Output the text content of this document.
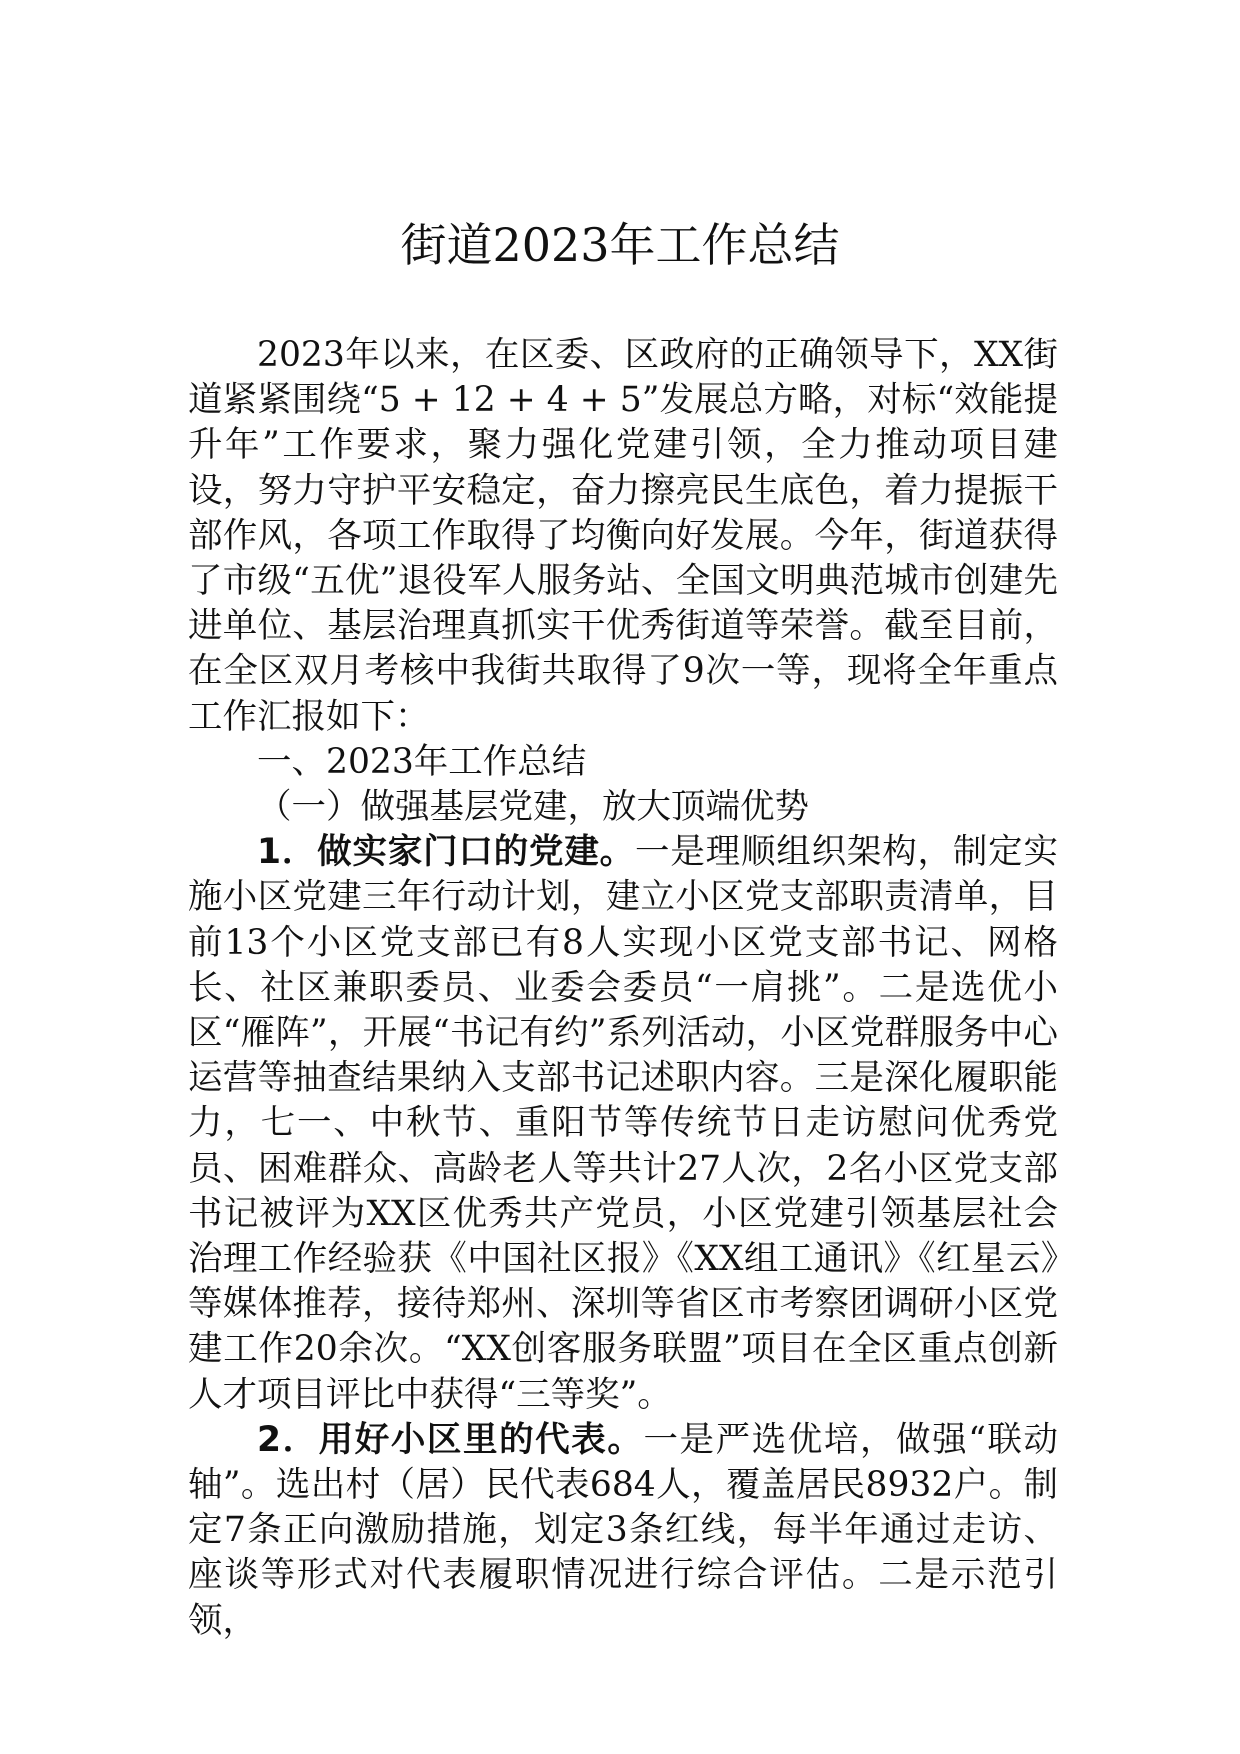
街道2023年工作总结

2023年以来，在区委、区政府的正确领导下，XX街道紧紧围绕“5 + 12 + 4 + 5”发展总方略，对标“效能提升年”工作要求，聚力强化党建引领，全力推动项目建设，努力守护平安稳定，奋力擦亮民生底色，着力提振干部作风，各项工作取得了均衡向好发展。今年，街道获得了市级“五优”退役军人服务站、全国文明典范城市创建先进单位、基层治理真抓实干优秀街道等荣誉。截至目前，在全区双月考核中我街共取得了9次一等，现将全年重点工作汇报如下：

一、2023年工作总结

（一）做强基层党建，放大顶端优势

1．做实家门口的党建。一是理顺组织架构，制定实施小区党建三年行动计划，建立小区党支部职责清单，目前13个小区党支部已有8人实现小区党支部书记、网格长、社区兼职委员、业委会委员“一肩挑”。二是选优小区“雁阵”，开展“书记有约”系列活动，小区党群服务中心运营等抽查结果纳入支部书记述职内容。三是深化履职能力，七一、中秋节、重阳节等传统节日走访慰问优秀党员、困难群众、高龄老人等共计27人次，2名小区党支部书记被评为XX区优秀共产党员，小区党建引领基层社会治理工作经验获《中国社区报》《XX组工通讯》《红星云》等媒体推荐，接待郑州、深圳等省区市考察团调研小区党建工作20余次。“XX创客服务联盟”项目在全区重点创新人才项目评比中获得“三等奖”。

2．用好小区里的代表。一是严选优培，做强“联动轴”。选出村（居）民代表684人，覆盖居民8932户。制定7条正向激励措施，划定3条红线，每半年通过走访、座谈等形式对代表履职情况进行综合评估。二是示范引领，
